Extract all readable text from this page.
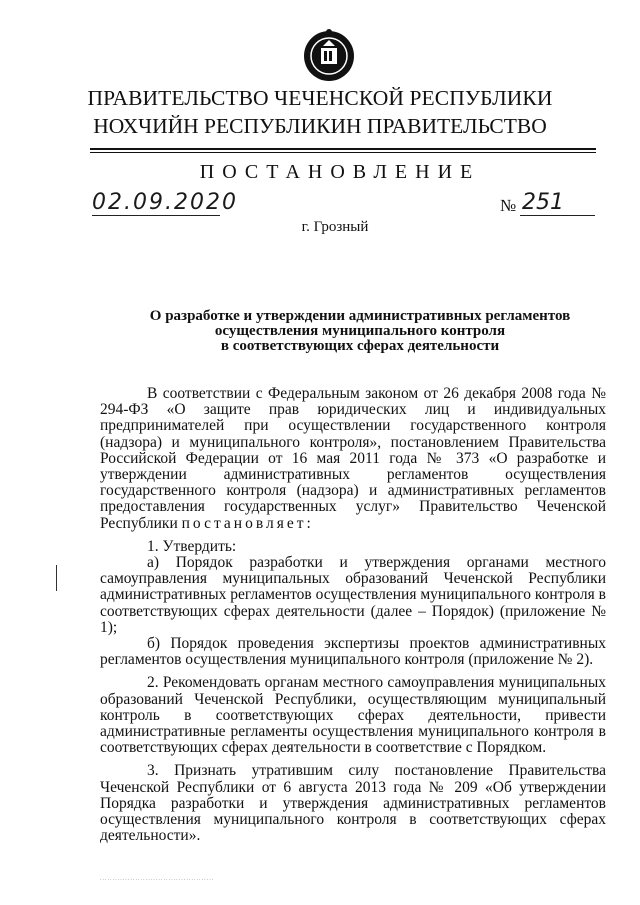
ПРАВИТЕЛЬСТВО ЧЕЧЕНСКОЙ РЕСПУБЛИКИ
НОХЧИЙН РЕСПУБЛИКИН ПРАВИТЕЛЬСТВО
ПОСТАНОВЛЕНИЕ
02.09.2020	№ 251
г. Грозный
О разработке и утверждении административных регламентов
осуществления муниципального контроля
в соответствующих сферах деятельности

В соответствии с Федеральным законом от 26 декабря 2008 года № 294-ФЗ «О защите прав юридических лиц и индивидуальных предпринимателей при осуществлении государственного контроля (надзора) и муниципального контроля», постановлением Правительства Российской Федерации от 16 мая 2011 года № 373 «О разработке и утверждении административных регламентов осуществления государственного контроля (надзора) и административных регламентов предоставления государственных услуг» Правительство Чеченской Республики постановляет:

1. Утвердить:

а) Порядок разработки и утверждения органами местного самоуправления муниципальных образований Чеченской Республики административных регламентов осуществления муниципального контроля в соответствующих сферах деятельности (далее – Порядок) (приложение № 1);

б) Порядок проведения экспертизы проектов административных регламентов осуществления муниципального контроля (приложение № 2).

2. Рекомендовать органам местного самоуправления муниципальных образований Чеченской Республики, осуществляющим муниципальный контроль в соответствующих сферах деятельности, привести административные регламенты осуществления муниципального контроля в соответствующих сферах деятельности в соответствие с Порядком.

3. Признать утратившим силу постановление Правительства Чеченской Республики от 6 августа 2013 года № 209 «Об утверждении Порядка разработки и утверждения административных регламентов осуществления муниципального контроля в соответствующих сферах деятельности».

· · · · · · · · · · · · · · · · · · · · · · · · · · · · · · · · · · · · · · · · · · · · ·
